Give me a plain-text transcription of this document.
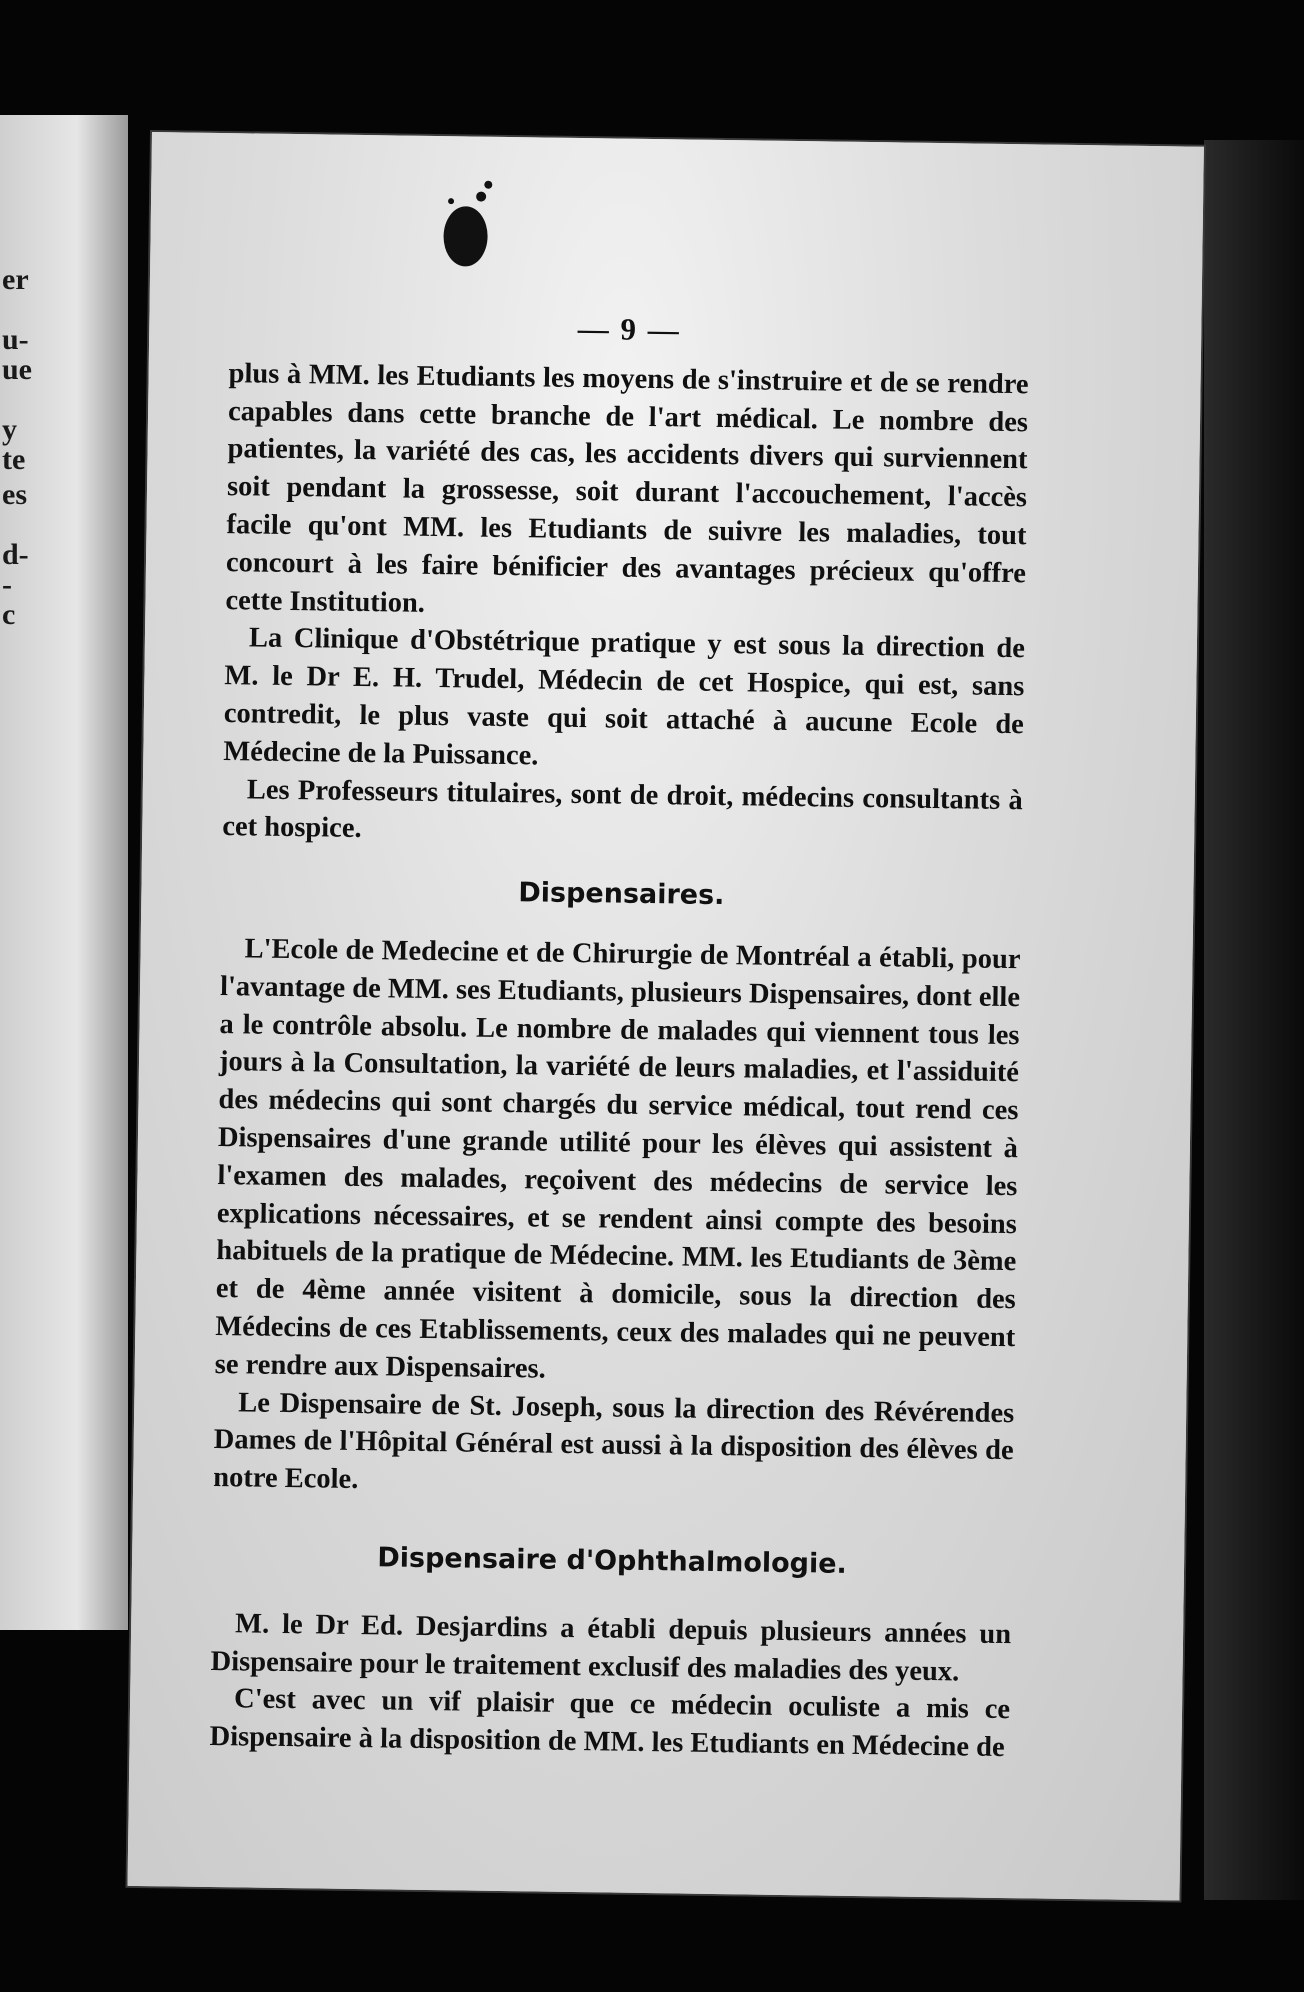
er
u-
ue
y
te
es
d-
-
c
— 9 —

plus à MM. les Etudiants les moyens de s'instruire et de se rendre capables dans cette branche de l'art médical. Le nombre des patientes, la variété des cas, les accidents divers qui surviennent soit pendant la grossesse, soit durant l'accouchement, l'accès facile qu'ont MM. les Etudiants de suivre les maladies, tout concourt à les faire bénificier des avantages précieux qu'offre cette Institution.

La Clinique d'Obstétrique pratique y est sous la direction de M. le Dr E. H. Trudel, Médecin de cet Hospice, qui est, sans contredit, le plus vaste qui soit attaché à aucune Ecole de Médecine de la Puissance.

Les Professeurs titulaires, sont de droit, médecins consultants à cet hospice.

Dispensaires.

L'Ecole de Medecine et de Chirurgie de Montréal a établi, pour l'avantage de MM. ses Etudiants, plusieurs Dispensaires, dont elle a le contrôle absolu. Le nombre de malades qui viennent tous les jours à la Consultation, la variété de leurs maladies, et l'assiduité des médecins qui sont chargés du service médical, tout rend ces Dispensaires d'une grande utilité pour les élèves qui assistent à l'examen des malades, reçoivent des médecins de service les explications nécessaires, et se rendent ainsi compte des besoins habituels de la pratique de Médecine. MM. les Etudiants de 3ème et de 4ème année visitent à domicile, sous la direction des Médecins de ces Etablissements, ceux des malades qui ne peuvent se rendre aux Dispensaires.

Le Dispensaire de St. Joseph, sous la direction des Révérendes Dames de l'Hôpital Général est aussi à la disposition des élèves de notre Ecole.

Dispensaire d'Ophthalmologie.

M. le Dr Ed. Desjardins a établi depuis plusieurs années un Dispensaire pour le traitement exclusif des maladies des yeux.

C'est avec un vif plaisir que ce médecin oculiste a mis ce Dispensaire à la disposition de MM. les Etudiants en Médecine de
